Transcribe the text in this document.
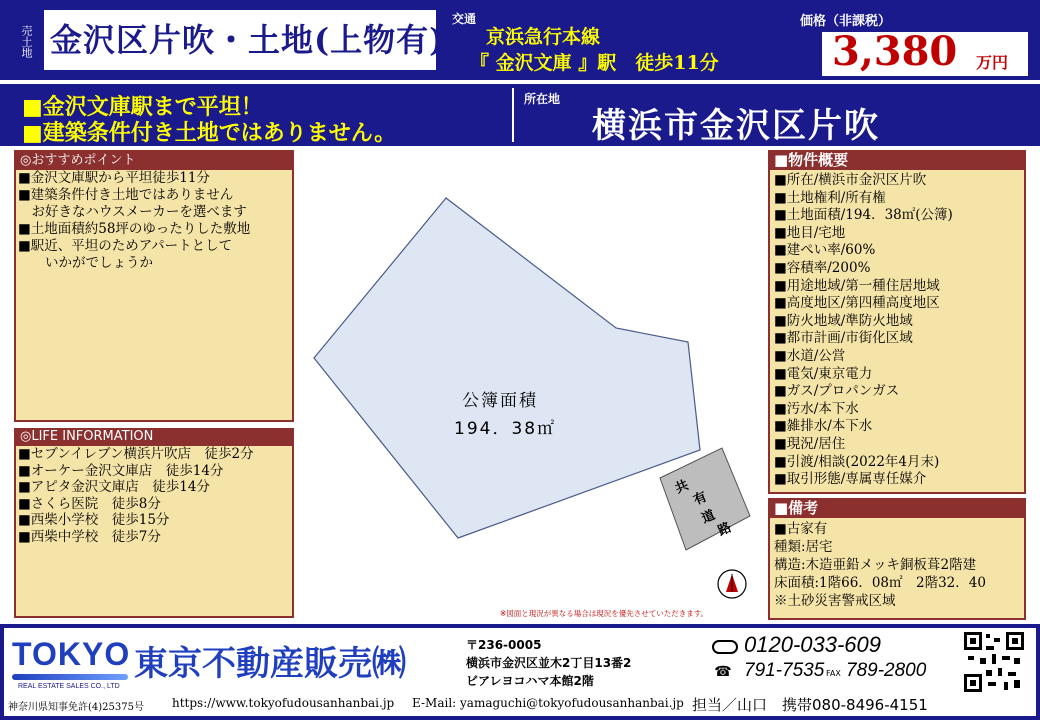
売土地 金沢区片吹・土地(上物有)
交通
京浜急行本線
『 金沢文庫 』駅　徒歩11分
価格（非課税）
3,380 万円
■金沢文庫駅まで平坦！
■建築条件付き土地ではありません。
所在地
横浜市金沢区片吹
◎おすすめポイント
■金沢文庫駅から平坦徒歩11分
■建築条件付き土地ではありません
　お好きなハウスメーカーを選べます
■土地面積約58坪のゆったりした敷地
■駅近、平坦のためアパートとして
　　いかがでしょうか
◎LIFE INFORMATION
■セブンイレブン横浜片吹店　徒歩2分
■オーケー金沢文庫店　徒歩14分
■アピタ金沢文庫店　徒歩14分
■さくら医院　徒歩8分
■西柴小学校　徒歩15分
■西柴中学校　徒歩7分
公簿面積
194．38㎡
共
有
道
路
※図面と現況が異なる場合は現況を優先させていただきます。
■物件概要
■所在/横浜市金沢区片吹
■土地権利/所有権
■土地面積/194．38㎡(公簿)
■地目/宅地
■建ぺい率/60%
■容積率/200%
■用途地域/第一種住居地域
■高度地区/第四種高度地区
■防火地域/準防火地域
■都市計画/市街化区域
■水道/公営
■電気/東京電力
■ガス/プロパンガス
■汚水/本下水
■雑排水/本下水
■現況/居住
■引渡/相談(2022年4月末)
■取引形態/専属専任媒介
■備考
■古家有
種類:居宅
構造:木造亜鉛メッキ銅板葺2階建
床面積:1階66．08㎡　2階32．40
※土砂災害警戒区域
TOKYO
REAL ESTATE SALES CO., LTD
東京不動産販売㈱	〒236-0005
横浜市金沢区並木2丁目13番2
ビアレヨコハマ本館2階
0120-033-609
☎ 791-7535 FAX 789-2800
神奈川県知事免許(4)25375号 https://www.tokyofudousanhanbai.jp E-Mail: yamaguchi@tokyofudousanhanbai.jp 担当／山口　携帯080-8496-4151
